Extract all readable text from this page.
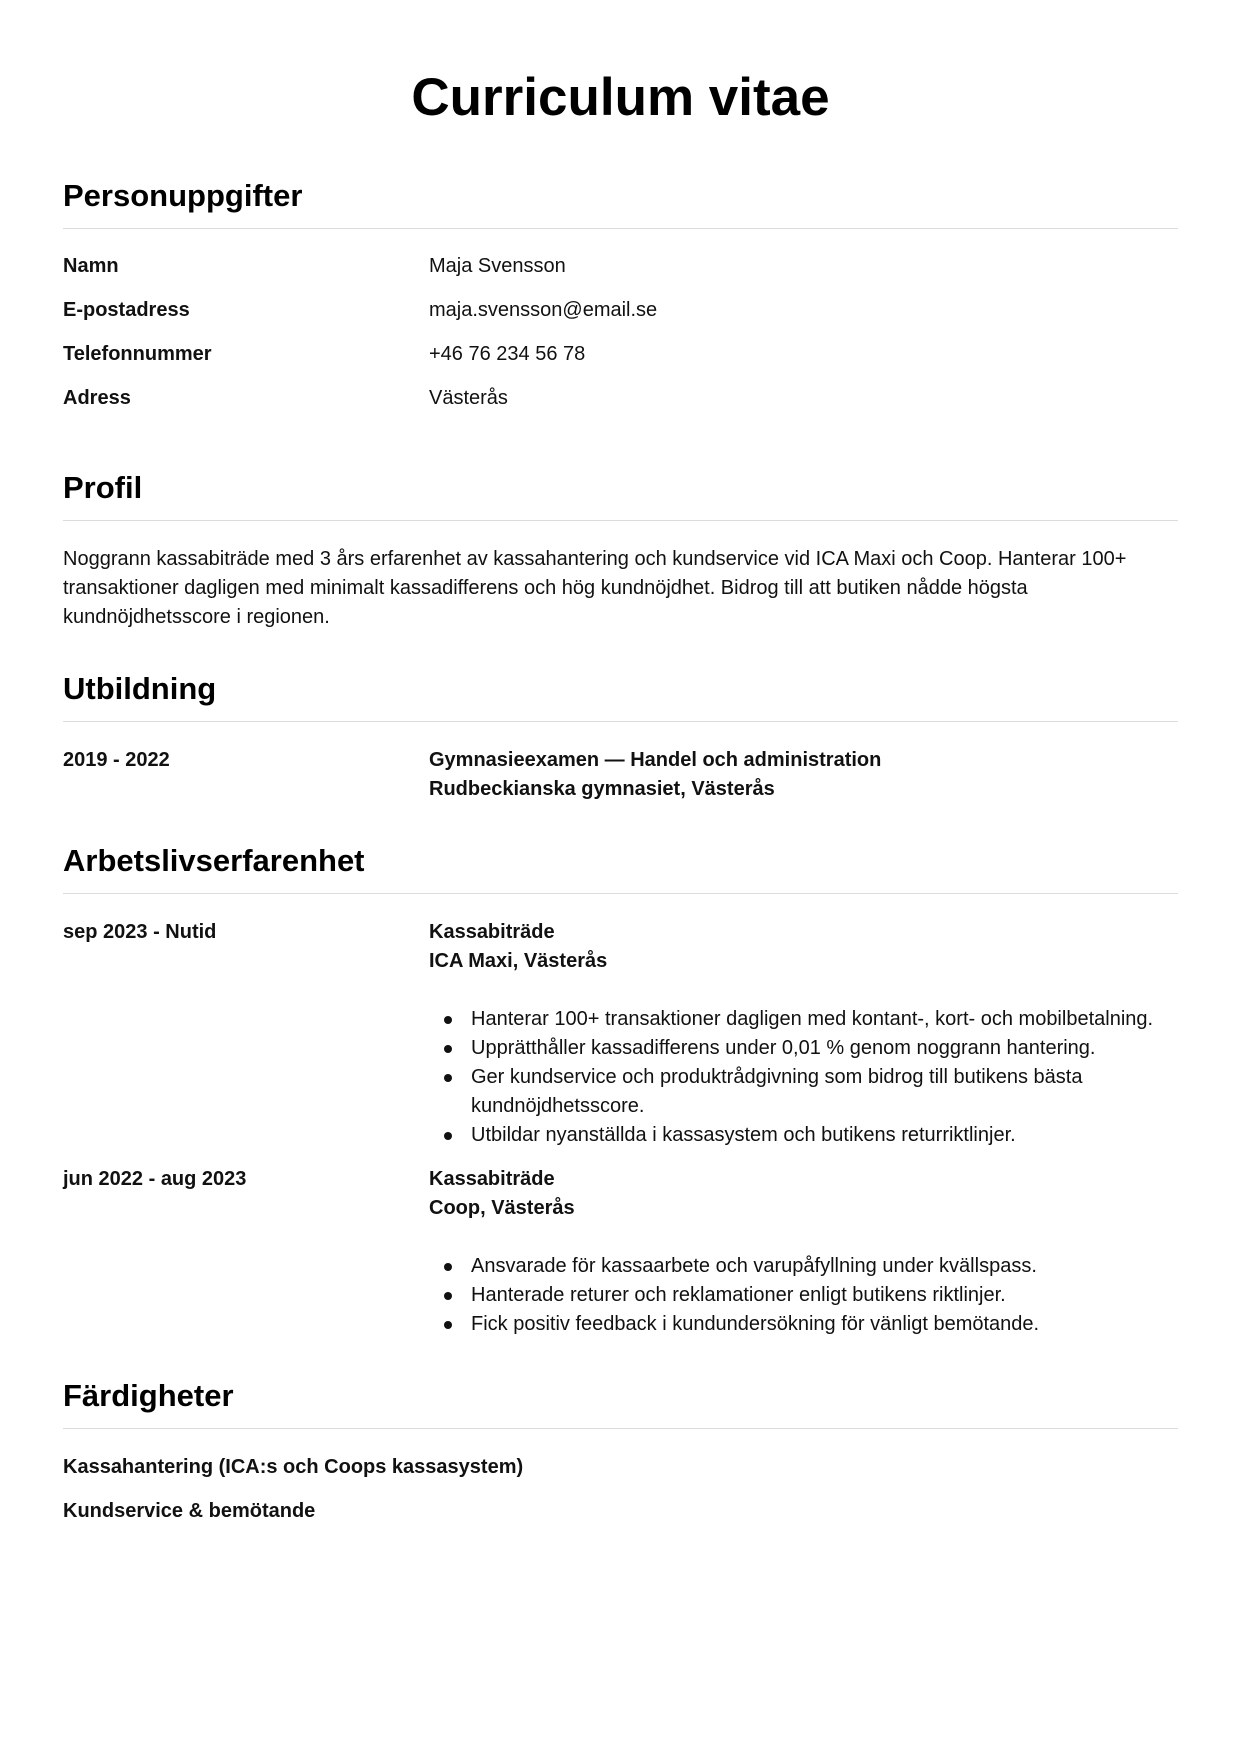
Curriculum vitae
Personuppgifter
Namn	Maja Svensson
E-postadress	maja.svensson@email.se
Telefonnummer	+46 76 234 56 78
Adress	Västerås
Profil

Noggrann kassabiträde med 3 års erfarenhet av kassahantering och kundservice vid ICA Maxi och Coop. Hanterar 100+ transaktioner dagligen med minimalt kassadifferens och hög kundnöjdhet. Bidrog till att butiken nådde högsta kundnöjdhetsscore i regionen.

Utbildning
2019 - 2022	Gymnasieexamen — Handel och administration
Rudbeckianska gymnasiet, Västerås
Arbetslivserfarenhet
sep 2023 - Nutid	Kassabiträde
ICA Maxi, Västerås
Hanterar 100+ transaktioner dagligen med kontant-, kort- och mobilbetalning.
Upprätthåller kassadifferens under 0,01 % genom noggrann hantering.
Ger kundservice och produktrådgivning som bidrog till butikens bästa kundnöjdhetsscore.
Utbildar nyanställda i kassasystem och butikens returriktlinjer.
jun 2022 - aug 2023	Kassabiträde
Coop, Västerås
Ansvarade för kassaarbete och varupåfyllning under kvällspass.
Hanterade returer och reklamationer enligt butikens riktlinjer.
Fick positiv feedback i kundundersökning för vänligt bemötande.
Färdigheter

Kassahantering (ICA:s och Coops kassasystem)

Kundservice & bemötande
